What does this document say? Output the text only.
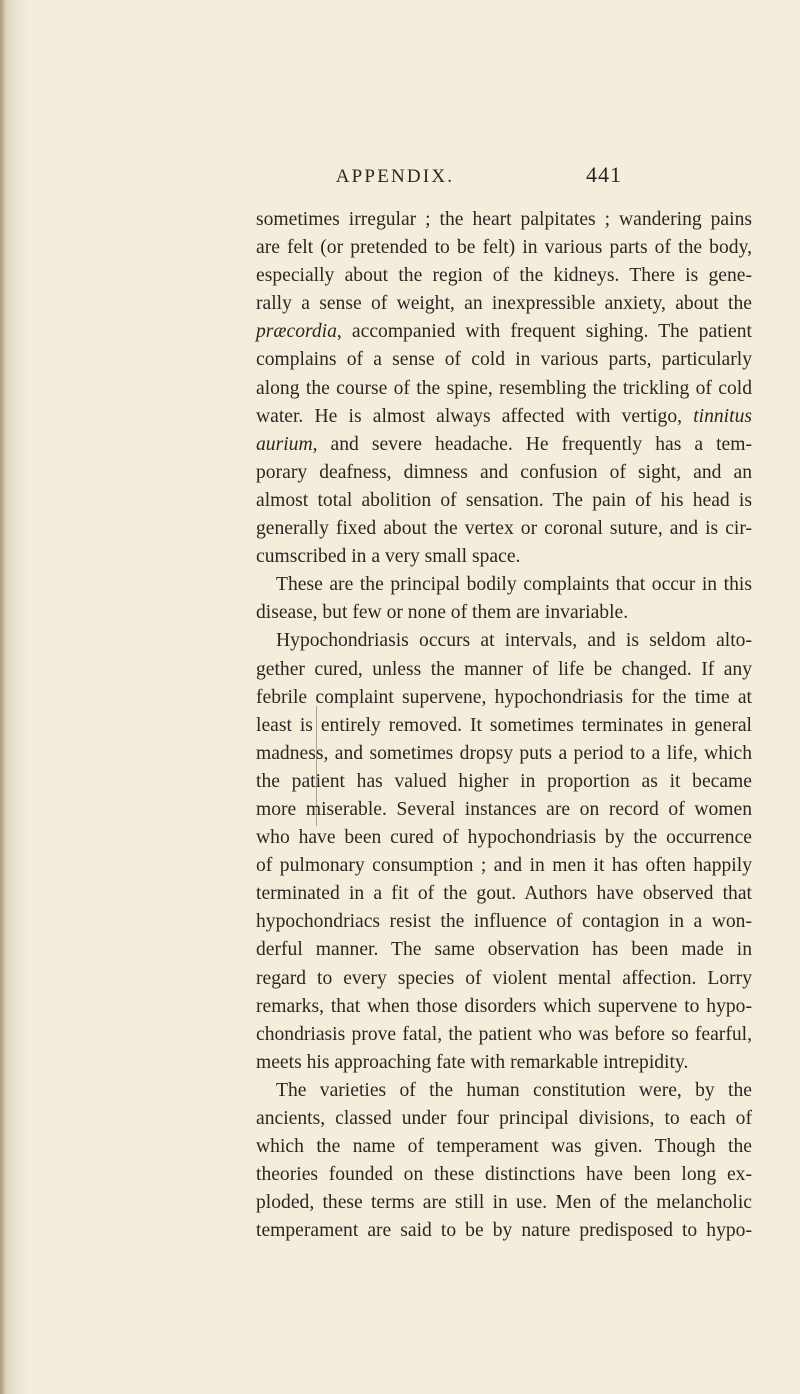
APPENDIX.	441
sometimes irregular ; the heart palpitates ; wandering pains
are felt (or pretended to be felt) in various parts of the body,
especially about the region of the kidneys. There is gene-
rally a sense of weight, an inexpressible anxiety, about the
præcordia, accompanied with frequent sighing. The patient
complains of a sense of cold in various parts, particularly
along the course of the spine, resembling the trickling of cold
water. He is almost always affected with vertigo, tinnitus
aurium, and severe headache. He frequently has a tem-
porary deafness, dimness and confusion of sight, and an
almost total abolition of sensation. The pain of his head is
generally fixed about the vertex or coronal suture, and is cir-
cumscribed in a very small space.
These are the principal bodily complaints that occur in this
disease, but few or none of them are invariable.
Hypochondriasis occurs at intervals, and is seldom alto-
gether cured, unless the manner of life be changed. If any
febrile complaint supervene, hypochondriasis for the time at
least is entirely removed. It sometimes terminates in general
madness, and sometimes dropsy puts a period to a life, which
the patient has valued higher in proportion as it became
more miserable. Several instances are on record of women
who have been cured of hypochondriasis by the occurrence
of pulmonary consumption ; and in men it has often happily
terminated in a fit of the gout. Authors have observed that
hypochondriacs resist the influence of contagion in a won-
derful manner. The same observation has been made in
regard to every species of violent mental affection. Lorry
remarks, that when those disorders which supervene to hypo-
chondriasis prove fatal, the patient who was before so fearful,
meets his approaching fate with remarkable intrepidity.
The varieties of the human constitution were, by the
ancients, classed under four principal divisions, to each of
which the name of temperament was given. Though the
theories founded on these distinctions have been long ex-
ploded, these terms are still in use. Men of the melancholic
temperament are said to be by nature predisposed to hypo-
